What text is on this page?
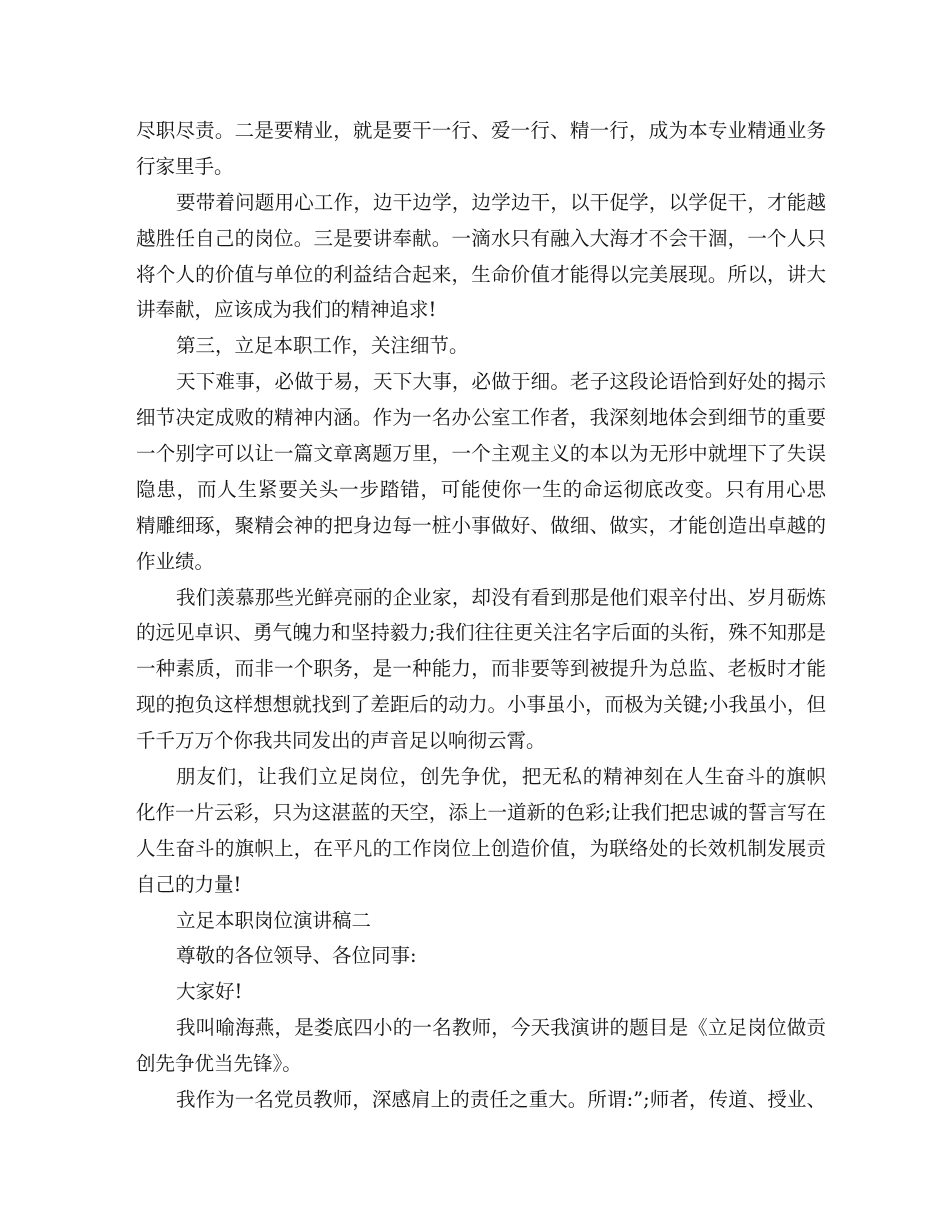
尽职尽责。二是要精业，就是要干一行、爱一行、精一行，成为本专业精通业务
行家里手。
要带着问题用心工作，边干边学，边学边干，以干促学，以学促干，才能越
越胜任自己的岗位。三是要讲奉献。一滴水只有融入大海才不会干涸，一个人只
将个人的价值与单位的利益结合起来，生命价值才能得以完美展现。所以，讲大
讲奉献，应该成为我们的精神追求!
第三，立足本职工作，关注细节。
天下难事，必做于易，天下大事，必做于细。老子这段论语恰到好处的揭示
细节决定成败的精神内涵。作为一名办公室工作者，我深刻地体会到细节的重要
一个别字可以让一篇文章离题万里，一个主观主义的本以为无形中就埋下了失误
隐患，而人生紧要关头一步踏错，可能使你一生的命运彻底改变。只有用心思
精雕细琢，聚精会神的把身边每一桩小事做好、做细、做实，才能创造出卓越的
作业绩。
我们羡慕那些光鲜亮丽的企业家，却没有看到那是他们艰辛付出、岁月砺炼
的远见卓识、勇气魄力和坚持毅力;我们往往更关注名字后面的头衔，殊不知那是
一种素质，而非一个职务，是一种能力，而非要等到被提升为总监、老板时才能
现的抱负这样想想就找到了差距后的动力。小事虽小，而极为关键;小我虽小，但
千千万万个你我共同发出的声音足以响彻云霄。
朋友们，让我们立足岗位，创先争优，把无私的精神刻在人生奋斗的旗帜
化作一片云彩，只为这湛蓝的天空，添上一道新的色彩;让我们把忠诚的誓言写在
人生奋斗的旗帜上，在平凡的工作岗位上创造价值，为联络处的长效机制发展贡
自己的力量!
立足本职岗位演讲稿二
尊敬的各位领导、各位同事:
大家好!
我叫喻海燕，是娄底四小的一名教师，今天我演讲的题目是《立足岗位做贡
创先争优当先锋》。
我作为一名党员教师，深感肩上的责任之重大。所谓:”;师者，传道、授业、
